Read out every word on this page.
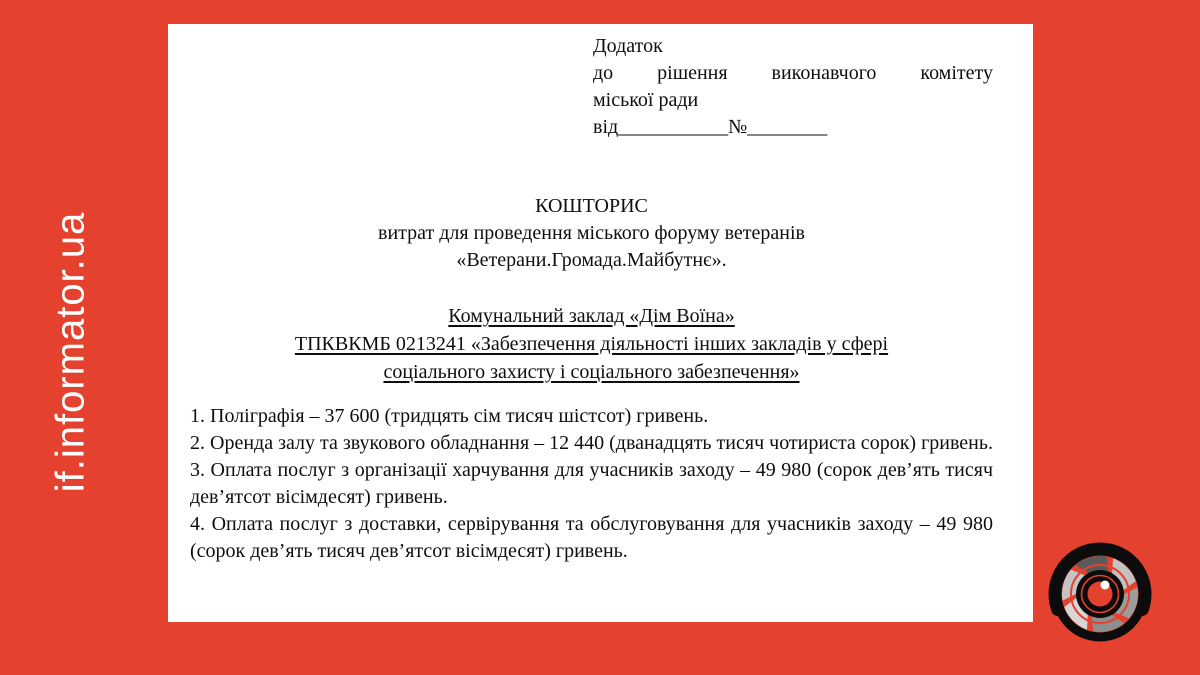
if.informator.ua
Додаток
до рішення виконавчого комітету
міської ради
від___________№________
КОШТОРИС
витрат для проведення міського форуму ветеранів
«Ветерани.Громада.Майбутнє».
Комунальний заклад «Дім Воїна»
ТПКВКМБ 0213241 «Забезпечення діяльності інших закладів у сфері
соціального захисту і соціального забезпечення»

1. Поліграфія – 37 600 (тридцять сім тисяч шістсот) гривень.

2. Оренда залу та звукового обладнання – 12 440 (дванадцять тисяч чотириста сорок) гривень.

3. Оплата послуг з організації харчування для учасників заходу – 49 980 (сорок дев’ять тисяч дев’ятсот вісімдесят) гривень.

4. Оплата послуг з доставки, сервірування та обслуговування для учасників заходу – 49 980 (сорок дев’ять тисяч дев’ятсот вісімдесят) гривень.
